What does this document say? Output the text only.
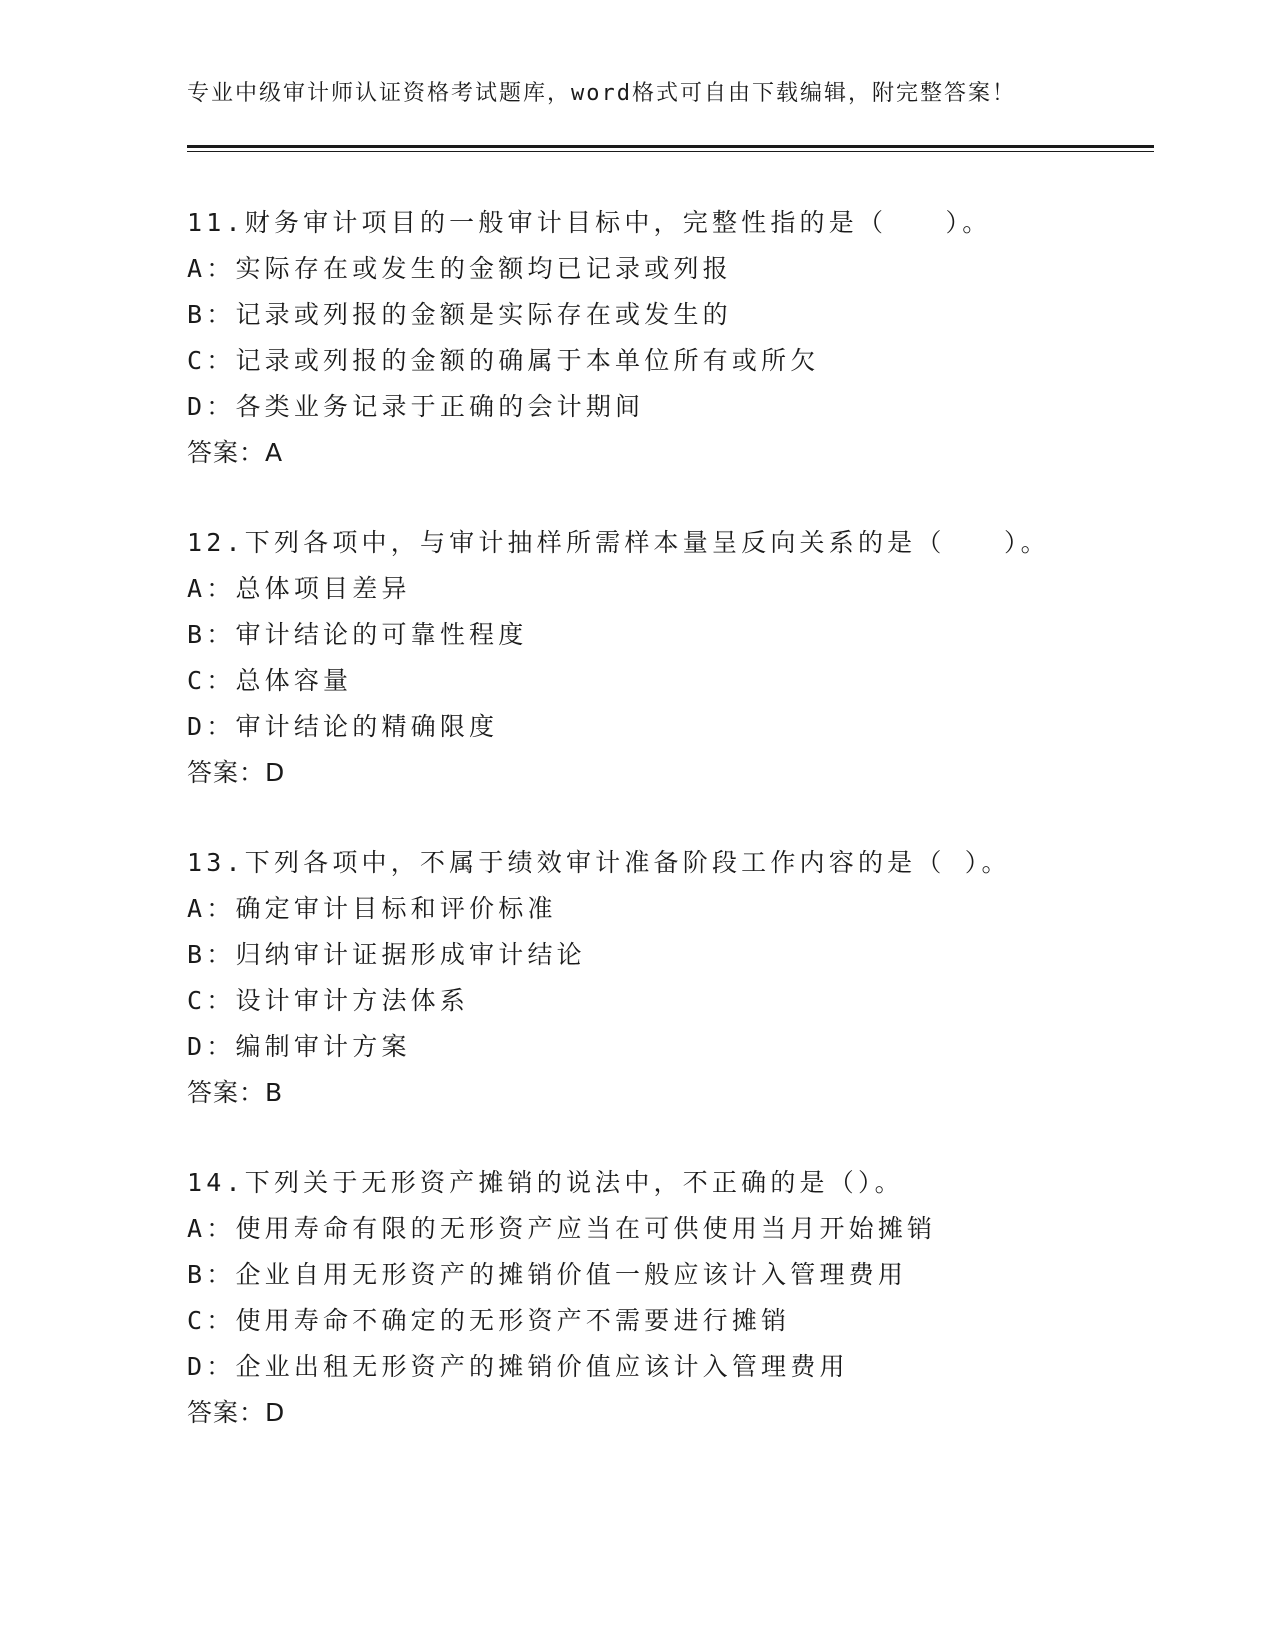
专业中级审计师认证资格考试题库，word格式可自由下载编辑，附完整答案！
11.财务审计项目的一般审计目标中，完整性指的是（　　）。
A：实际存在或发生的金额均已记录或列报
B：记录或列报的金额是实际存在或发生的
C：记录或列报的金额的确属于本单位所有或所欠
D：各类业务记录于正确的会计期间
答案：A
12.下列各项中，与审计抽样所需样本量呈反向关系的是（　　）。
A：总体项目差异
B：审计结论的可靠性程度
C：总体容量
D：审计结论的精确限度
答案：D
13.下列各项中，不属于绩效审计准备阶段工作内容的是（ ）。
A：确定审计目标和评价标准
B：归纳审计证据形成审计结论
C：设计审计方法体系
D：编制审计方案
答案：B
14.下列关于无形资产摊销的说法中，不正确的是（）。
A：使用寿命有限的无形资产应当在可供使用当月开始摊销
B：企业自用无形资产的摊销价值一般应该计入管理费用
C：使用寿命不确定的无形资产不需要进行摊销
D：企业出租无形资产的摊销价值应该计入管理费用
答案：D
